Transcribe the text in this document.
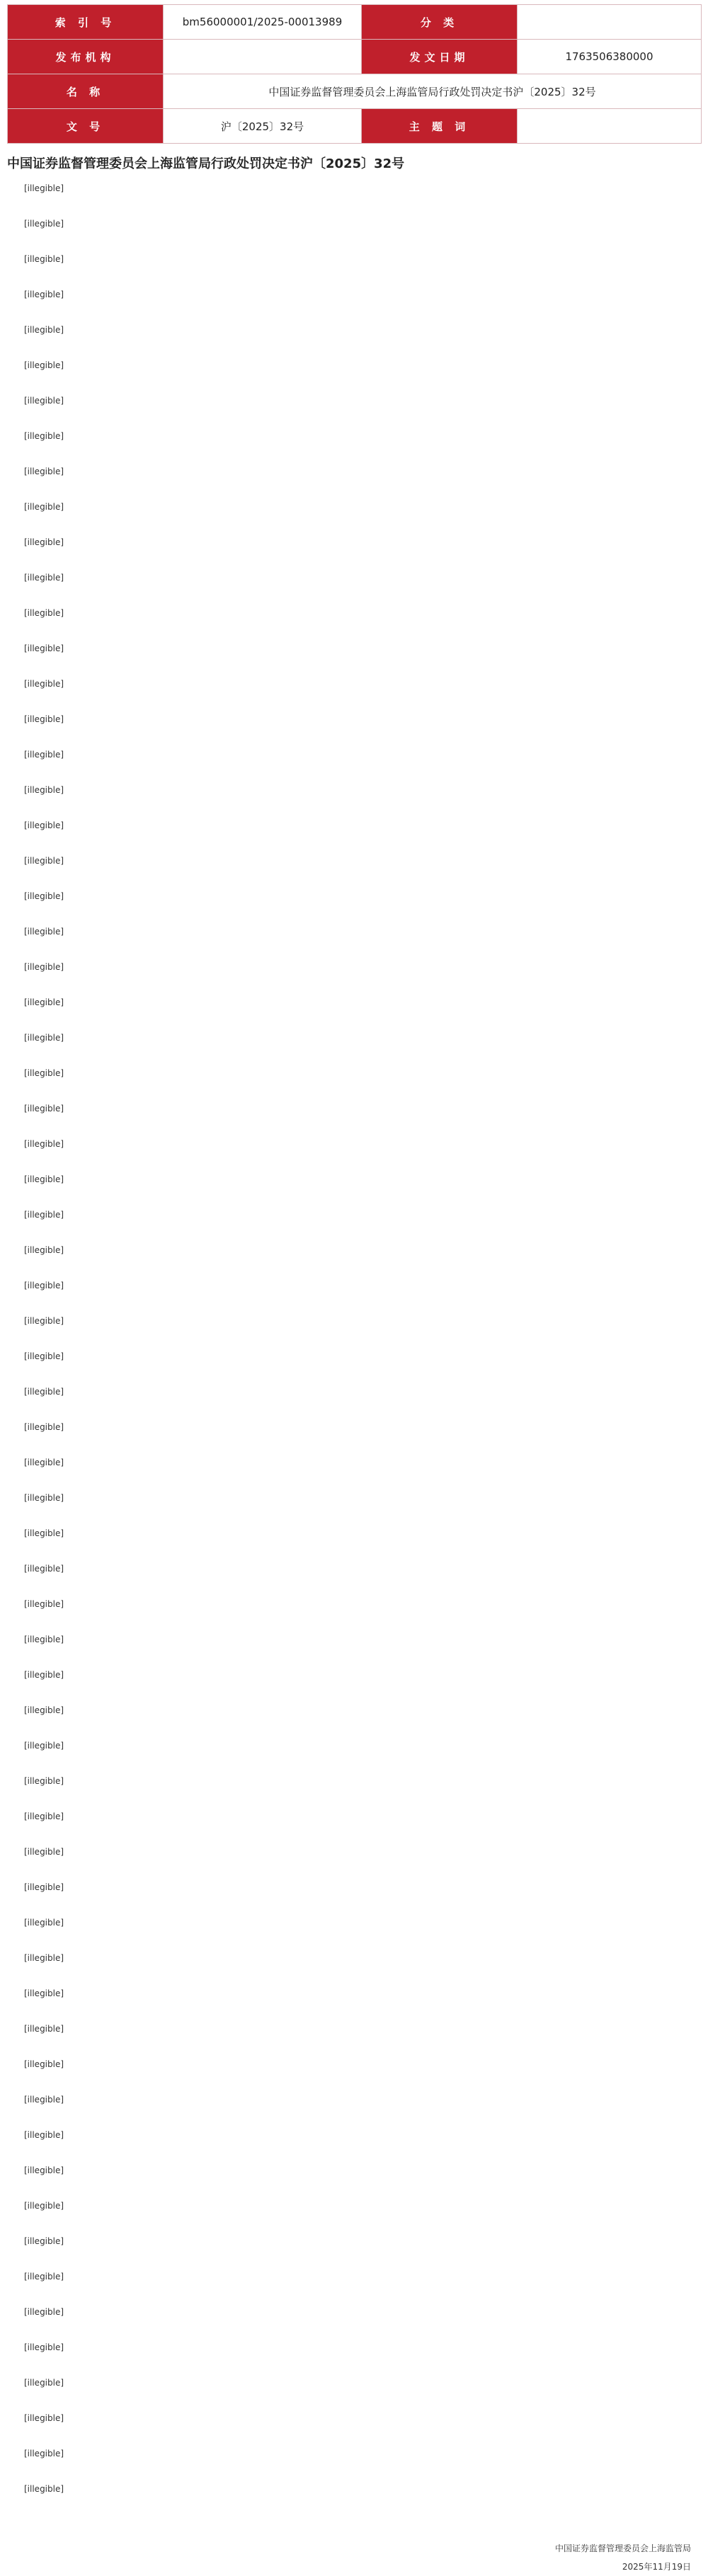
索 引 号	bm56000001/2025-00013989	分 类	
发布机构		发文日期	1763506380000
名 称	中国证券监督管理委员会上海监管局行政处罚决定书沪〔2025〕32号		
文 号	沪〔2025〕32号	主 题 词	
中国证券监督管理委员会上海监管局行政处罚决定书沪〔2025〕32号

[illegible]

[illegible]

[illegible]

[illegible]

[illegible]

[illegible]

[illegible]

[illegible]

[illegible]

[illegible]

[illegible]

[illegible]

[illegible]

[illegible]

[illegible]

[illegible]

[illegible]

[illegible]

[illegible]

[illegible]

[illegible]

[illegible]

[illegible]

[illegible]

[illegible]

[illegible]

[illegible]

[illegible]

[illegible]

[illegible]

[illegible]

[illegible]

[illegible]

[illegible]

[illegible]

[illegible]

[illegible]

[illegible]

[illegible]

[illegible]

[illegible]

[illegible]

[illegible]

[illegible]

[illegible]

[illegible]

[illegible]

[illegible]

[illegible]

[illegible]

[illegible]

[illegible]

[illegible]

[illegible]

[illegible]

[illegible]

[illegible]

[illegible]

[illegible]

[illegible]

[illegible]

[illegible]

[illegible]

[illegible]

[illegible]

[illegible]

中国证券监督管理委员会上海监管局
2025年11月19日
